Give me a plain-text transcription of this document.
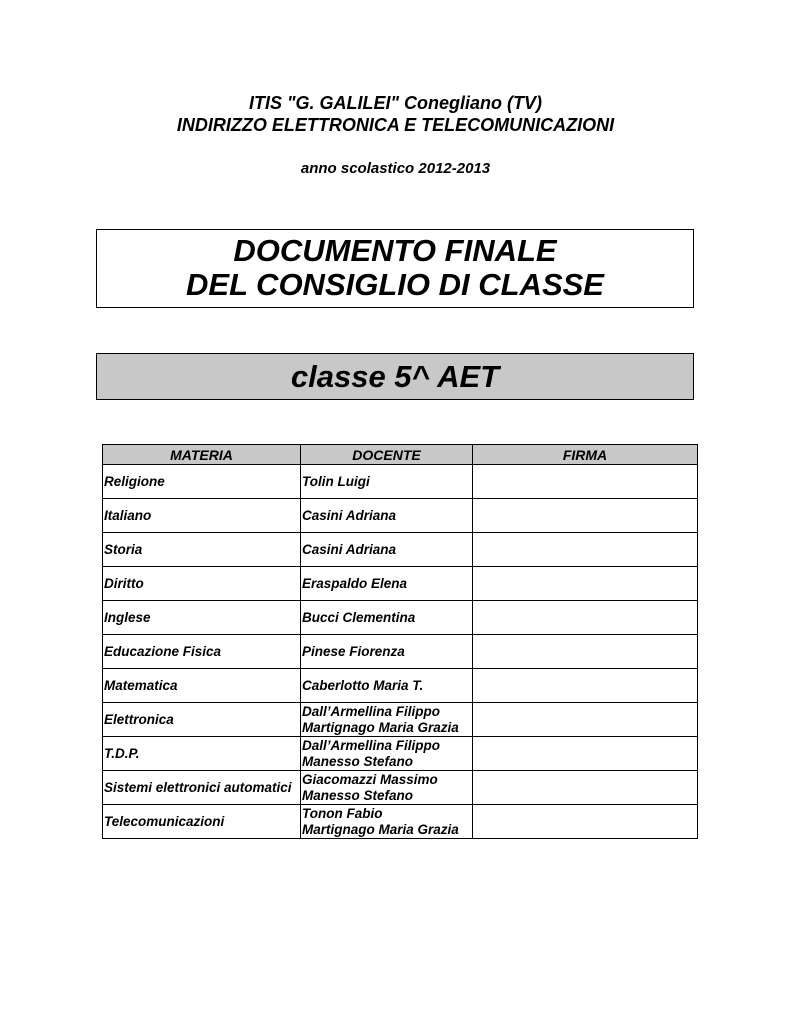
ITIS "G. GALILEI" Conegliano (TV)
INDIRIZZO ELETTRONICA E TELECOMUNICAZIONI
anno scolastico 2012-2013
DOCUMENTO FINALE
DEL CONSIGLIO DI CLASSE
classe 5^ AET
MATERIA	DOCENTE	FIRMA
Religione	Tolin Luigi	

Italiano	Casini Adriana	

Storia	Casini Adriana	

Diritto	Eraspaldo Elena	

Inglese	Bucci Clementina	

Educazione Fisica	Pinese Fiorenza	

Matematica	Caberlotto Maria T.	

Elettronica	Dall’Armellina Filippo
Martignago Maria Grazia	

T.D.P.	Dall’Armellina Filippo
Manesso Stefano	

Sistemi elettronici automatici	Giacomazzi Massimo
Manesso Stefano	

Telecomunicazioni	Tonon Fabio
Martignago Maria Grazia	
